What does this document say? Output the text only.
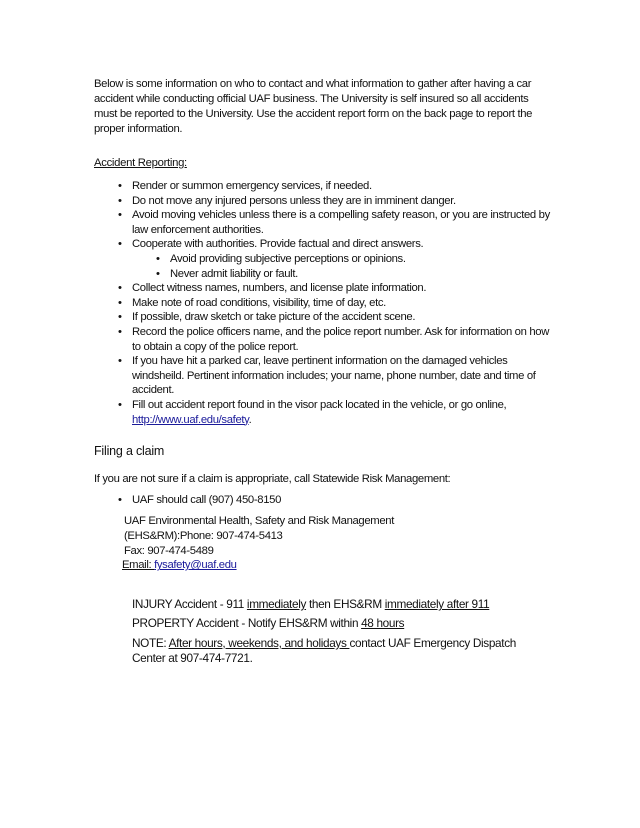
Below is some information on who to contact and what information to gather after having a car accident while conducting official UAF business. The University is self insured so all accidents must be reported to the University. Use the accident report form on the back page to report the proper information.

Accident Reporting:
• Render or summon emergency services, if needed.
• Do not move any injured persons unless they are in imminent danger.
• Avoid moving vehicles unless there is a compelling safety reason, or you are instructed by law enforcement authorities.
• Cooperate with authorities. Provide factual and direct answers.
• Avoid providing subjective perceptions or opinions.
• Never admit liability or fault.
• Collect witness names, numbers, and license plate information.
• Make note of road conditions, visibility, time of day, etc.
• If possible, draw sketch or take picture of the accident scene.
• Record the police officers name, and the police report number. Ask for information on how to obtain a copy of the police report.
• If you have hit a parked car, leave pertinent information on the damaged vehicles windsheild. Pertinent information includes; your name, phone number, date and time of accident.
• Fill out accident report found in the visor pack located in the vehicle, or go online, http://www.uaf.edu/safety.
Filing a claim
If you are not sure if a claim is appropriate, call Statewide Risk Management:
• UAF should call (907) 450-8150
UAF Environmental Health, Safety and Risk Management
(EHS&RM):Phone: 907-474-5413
Fax: 907-474-5489
Email: fysafety@uaf.edu
INJURY Accident - 911 immediately then EHS&RM immediately after 911
PROPERTY Accident - Notify EHS&RM within 48 hours
NOTE: After hours, weekends, and holidays contact UAF Emergency Dispatch Center at 907-474-7721.
